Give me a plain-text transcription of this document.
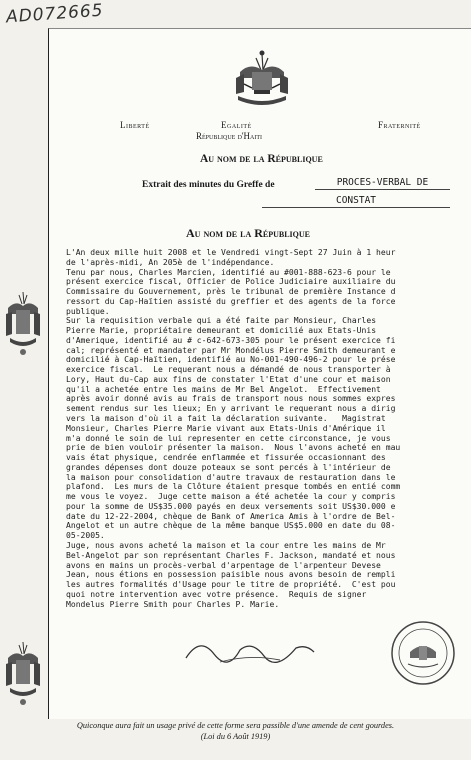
AD072665
Liberté	Egalité	Fraternité
République d'Haiti
Au nom de la République
Extrait des minutes du Greffe de	PROCES-VERBAL DE
CONSTAT
Au nom de la République
L'An deux mille huit 2008 et le Vendredi vingt-Sept 27 Juin à 1 heur
de l'après-midi, An 205è de l'indépendance.
Tenu par nous, Charles Marcien, identifié au #001-888-623-6 pour le
présent exercice fiscal, Officier de Police Judiciaire auxiliaire du
Commissaire du Gouvernement, près le tribunal de première Instance d
ressort du Cap-Haïtien assisté du greffier et des agents de la force
publique.
Sur la requisition verbale qui a été faite par Monsieur, Charles
Pierre Marie, propriétaire demeurant et domicilié aux Etats-Unis
d'Amerique, identifié au # c-642-673-305 pour le présent exercice fi
cal; représenté et mandater par Mr Mondélus Pierre Smith demeurant e
domicilié à Cap-Haïtien, identifié au No-001-490-496-2 pour le prése
exercice fiscal.  Le requerant nous a démandé de nous transporter à
Lory, Haut du-Cap aux fins de constater l'Etat d'une cour et maison
qu'il a achetée entre les mains de Mr Bel Angelot.  Effectivement
après avoir donné avis au frais de transport nous nous sommes expres
sement rendus sur les lieux; En y arrivant le requerant nous a dirig
vers la maison d'où il a fait la déclaration suivante.   Magistrat
Monsieur, Charles Pierre Marie vivant aux Etats-Unis d'Amérique il
m'a donné le soin de lui representer en cette circonstance, je vous
prie de bien vouloir présenter la maison.  Nous l'avons acheté en mau
vais état physique, cendrée enflammée et fissurée occasionnant des
grandes dépenses dont douze poteaux se sont percés à l'intérieur de
la maison pour consolidation d'autre travaux de restauration dans le
plafond.  Les murs de la Clôture étaient presque tombés en entié comm
me vous le voyez.  Juge cette maison a été achetée la cour y compris
pour la somme de US$35.000 payés en deux versements soit US$30.000 e
date du 12-22-2004, chèque de Bank of America Amis à l'ordre de Bel-
Angelot et un autre chèque de la même banque US$5.000 en date du 08-
05-2005.
Juge, nous avons acheté la maison et la cour entre les mains de Mr
Bel-Angelot par son représentant Charles F. Jackson, mandaté et nous
avons en mains un procès-verbal d'arpentage de l'arpenteur Devese
Jean, nous étions en possession paisible nous avons besoin de rempli
les autres formalités d'Usage pour le titre de propriété.  C'est pou
quoi notre intervention avec votre présence.  Requis de signer
Mondelus Pierre Smith pour Charles P. Marie.
Quiconque aura fait un usage privé de cette forme sera passible d'une amende de cent gourdes.
(Loi du 6 Août 1919)
